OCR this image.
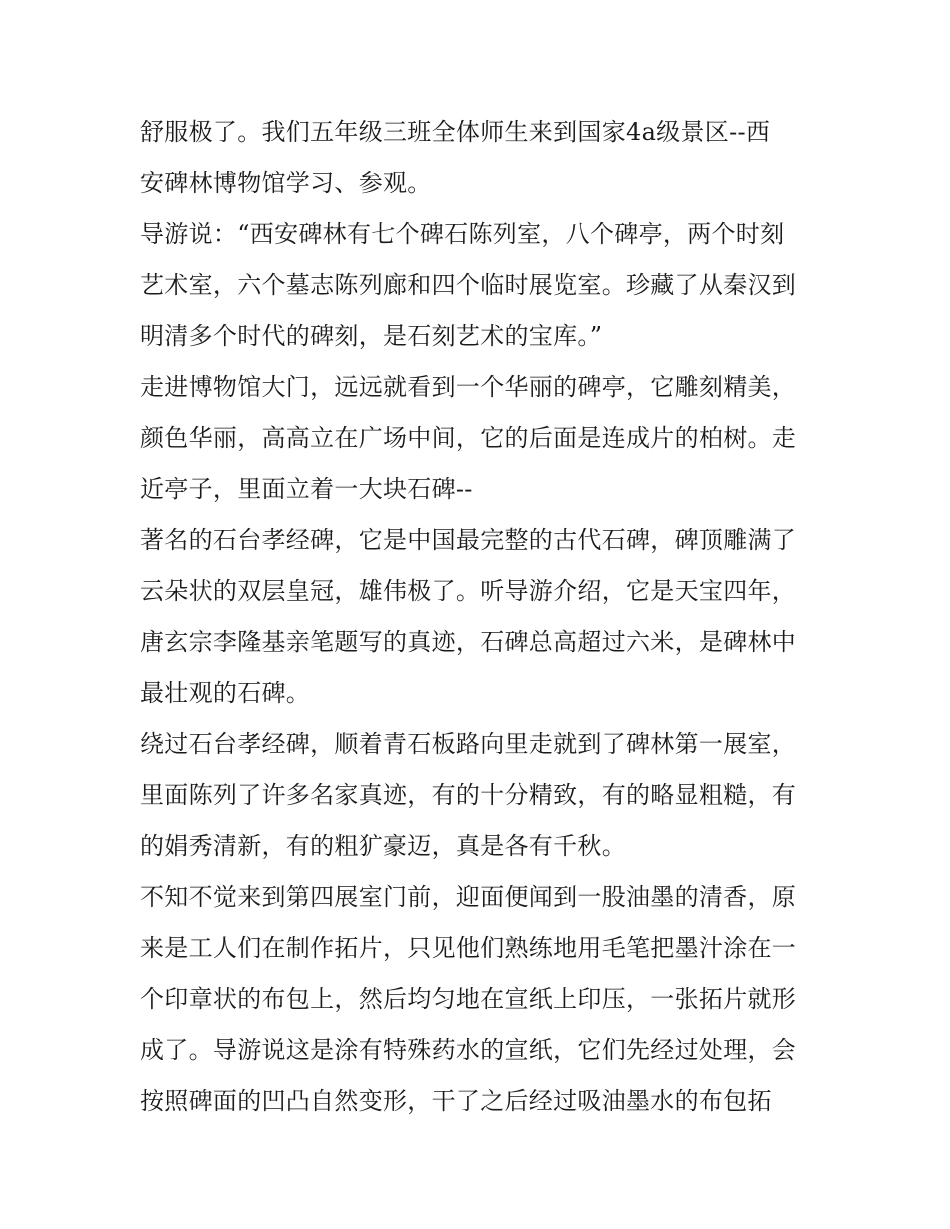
舒服极了。我们五年级三班全体师生来到国家4a级景区--西
安碑林博物馆学习、参观。
导游说：“西安碑林有七个碑石陈列室，八个碑亭，两个时刻
艺术室，六个墓志陈列廊和四个临时展览室。珍藏了从秦汉到
明清多个时代的碑刻，是石刻艺术的宝库。”
走进博物馆大门，远远就看到一个华丽的碑亭，它雕刻精美，
颜色华丽，高高立在广场中间，它的后面是连成片的柏树。走
近亭子，里面立着一大块石碑--
著名的石台孝经碑，它是中国最完整的古代石碑，碑顶雕满了
云朵状的双层皇冠，雄伟极了。听导游介绍，它是天宝四年，
唐玄宗李隆基亲笔题写的真迹，石碑总高超过六米，是碑林中
最壮观的石碑。
绕过石台孝经碑，顺着青石板路向里走就到了碑林第一展室，
里面陈列了许多名家真迹，有的十分精致，有的略显粗糙，有
的娟秀清新，有的粗犷豪迈，真是各有千秋。
不知不觉来到第四展室门前，迎面便闻到一股油墨的清香，原
来是工人们在制作拓片，只见他们熟练地用毛笔把墨汁涂在一
个印章状的布包上，然后均匀地在宣纸上印压，一张拓片就形
成了。导游说这是涂有特殊药水的宣纸，它们先经过处理，会
按照碑面的凹凸自然变形，干了之后经过吸油墨水的布包拓
